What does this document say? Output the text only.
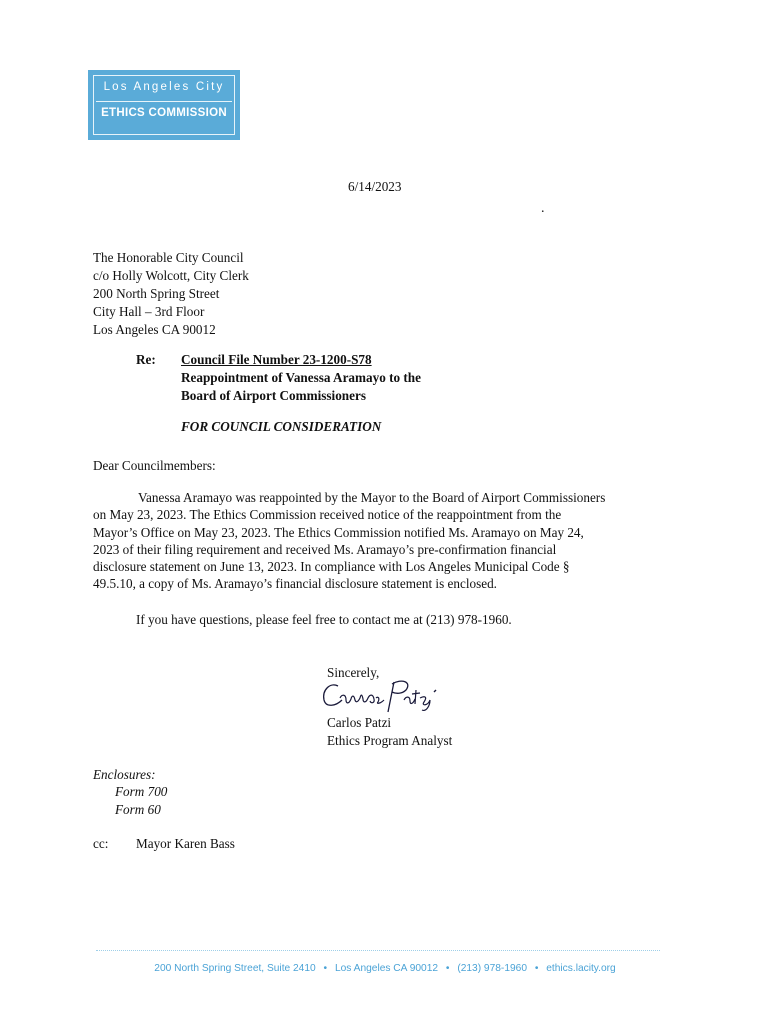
Los Angeles City
ETHICS COMMISSION
6/14/2023
.
The Honorable City Council
c/o Holly Wolcott, City Clerk
200 North Spring Street
City Hall – 3rd Floor
Los Angeles CA 90012
Re: Council File Number 23-1200-S78
Reappointment of Vanessa Aramayo to the
Board of Airport Commissioners
FOR COUNCIL CONSIDERATION
Dear Councilmembers:
Vanessa Aramayo was reappointed by the Mayor to the Board of Airport Commissioners
on May 23, 2023. The Ethics Commission received notice of the reappointment from the
Mayor’s Office on May 23, 2023. The Ethics Commission notified Ms. Aramayo on May 24,
2023 of their filing requirement and received Ms. Aramayo’s pre-confirmation financial
disclosure statement on June 13, 2023. In compliance with Los Angeles Municipal Code §
49.5.10, a copy of Ms. Aramayo’s financial disclosure statement is enclosed.
If you have questions, please feel free to contact me at (213) 978-1960.
Sincerely,
Carlos Patzi
Ethics Program Analyst
Enclosures:
Form 700
Form 60
cc: Mayor Karen Bass
200 North Spring Street, Suite 2410 • Los Angeles CA 90012 • (213) 978-1960 • ethics.lacity.org
